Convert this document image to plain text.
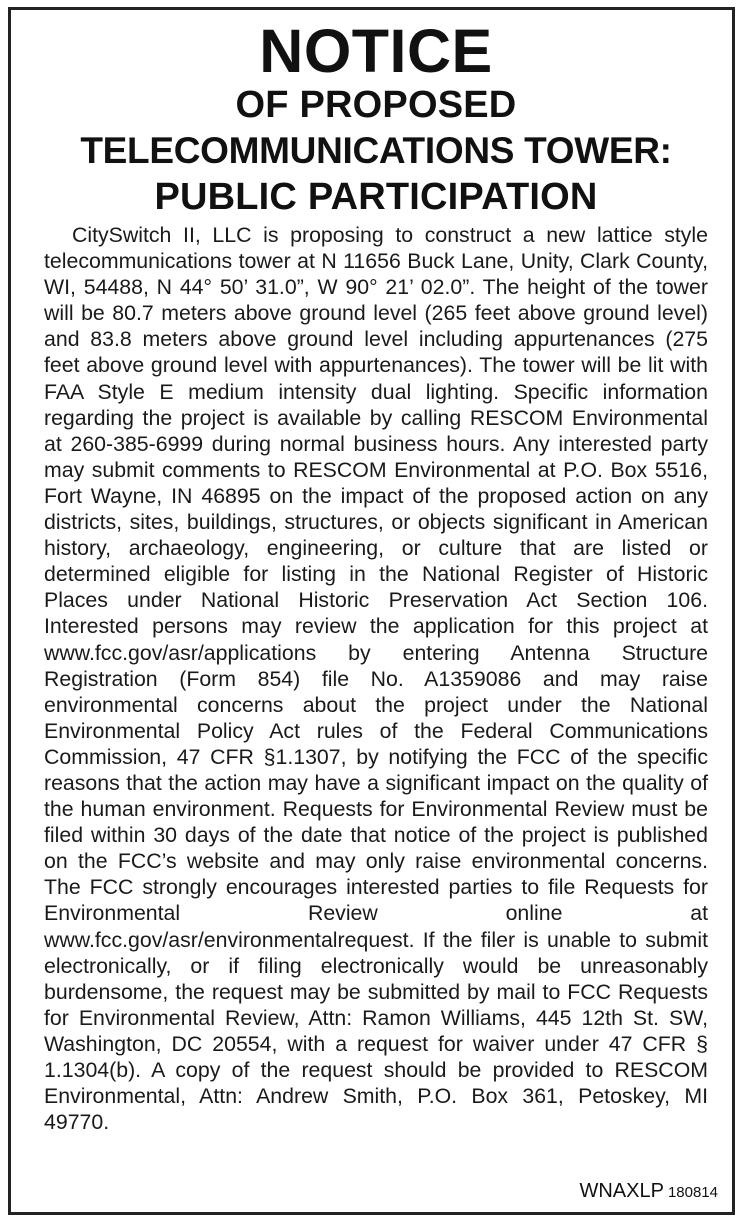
NOTICE
OF PROPOSED
TELECOMMUNICATIONS TOWER:
PUBLIC PARTICIPATION

CitySwitch II, LLC is proposing to construct a new lattice style telecommunications tower at N 11656 Buck Lane, Unity, Clark County, WI, 54488, N 44° 50’ 31.0”, W 90° 21’ 02.0”. The height of the tower will be 80.7 meters above ground level (265 feet above ground level) and 83.8 meters above ground level including appurtenances (275 feet above ground level with appurtenances). The tower will be lit with FAA Style E medium intensity dual lighting. Specific information regarding the project is available by calling RESCOM Environmental at 260-385-6999 during normal business hours. Any interested party may submit comments to RESCOM Environmental at P.O. Box 5516, Fort Wayne, IN 46895 on the impact of the proposed action on any districts, sites, buildings, structures, or objects significant in American history, archaeology, engineering, or culture that are listed or determined eligible for listing in the National Register of Historic Places under National Historic Preservation Act Section 106. Interested persons may review the application for this project at www.fcc.gov/asr/applications by entering Antenna Structure Registration (Form 854) file No. A1359086 and may raise environmental concerns about the project under the National Environmental Policy Act rules of the Federal Communications Commission, 47 CFR §1.1307, by notifying the FCC of the specific reasons that the action may have a significant impact on the quality of the human environment. Requests for Environmental Review must be filed within 30 days of the date that notice of the project is published on the FCC’s website and may only raise environmental concerns. The FCC strongly encourages interested parties to file Requests for Environmental Review online at www.fcc.gov/asr/environmentalrequest. If the filer is unable to submit electronically, or if filing electronically would be unreasonably burdensome, the request may be submitted by mail to FCC Requests for Environmental Review, Attn: Ramon Williams, 445 12th St. SW, Washington, DC 20554, with a request for waiver under 47 CFR § 1.1304(b). A copy of the request should be provided to RESCOM Environmental, Attn: Andrew Smith, P.O. Box 361, Petoskey, MI 49770.

WNAXLP 180814
